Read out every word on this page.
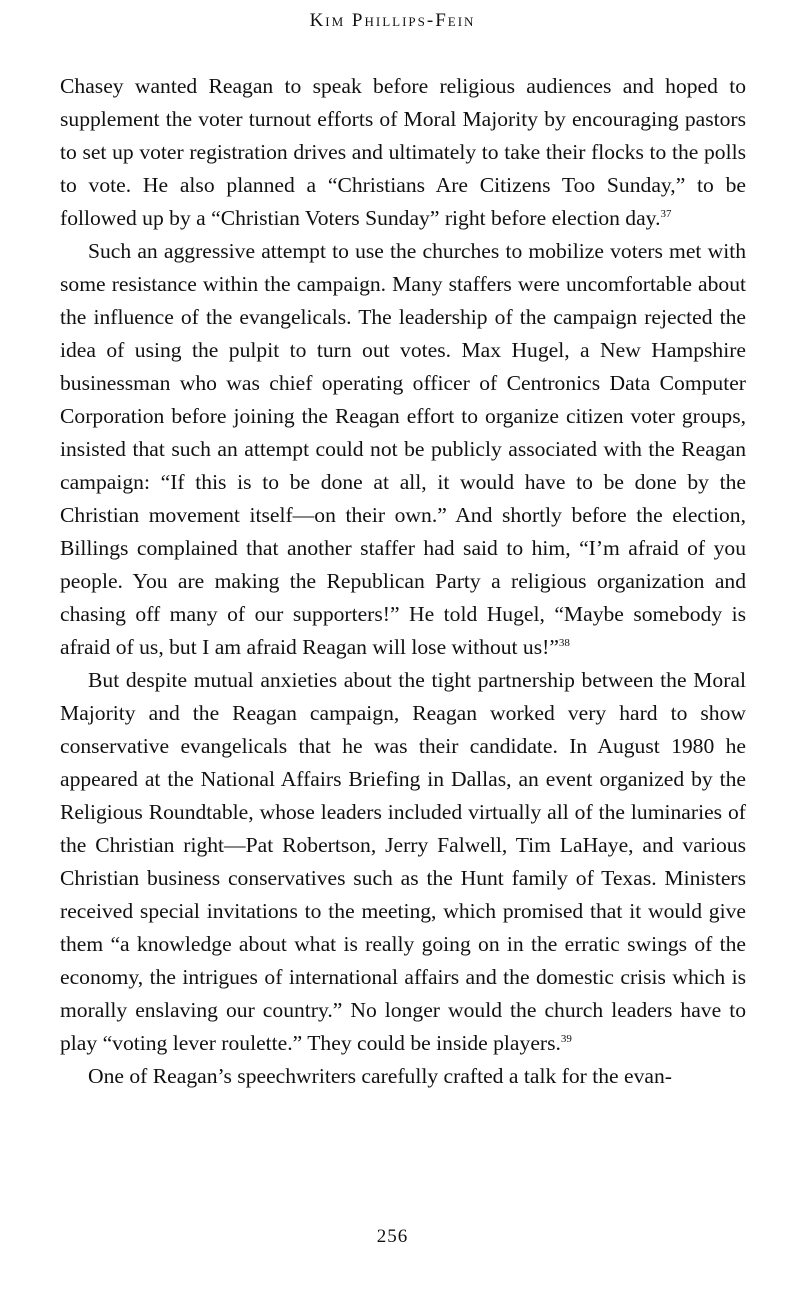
Kim Phillips-Fein

Chasey wanted Reagan to speak before religious audiences and hoped to supplement the voter turnout efforts of Moral Majority by encouraging pastors to set up voter registration drives and ultimately to take their flocks to the polls to vote. He also planned a “Christians Are Citizens Too Sunday,” to be followed up by a “Christian Voters Sunday” right before election day.$^{37}$

Such an aggressive attempt to use the churches to mobilize voters met with some resistance within the campaign. Many staffers were uncomfortable about the influence of the evangelicals. The leadership of the campaign rejected the idea of using the pulpit to turn out votes. Max Hugel, a New Hampshire businessman who was chief operating officer of Centronics Data Computer Corporation before joining the Reagan effort to organize citizen voter groups, insisted that such an attempt could not be publicly associated with the Reagan campaign: “If this is to be done at all, it would have to be done by the Christian movement itself—on their own.” And shortly before the election, Billings complained that another staffer had said to him, “I’m afraid of you people. You are making the Republican Party a religious organization and chasing off many of our supporters!” He told Hugel, “Maybe somebody is afraid of us, but I am afraid Reagan will lose without us!”$^{38}$

But despite mutual anxieties about the tight partnership between the Moral Majority and the Reagan campaign, Reagan worked very hard to show conservative evangelicals that he was their candidate. In August 1980 he appeared at the National Affairs Briefing in Dallas, an event organized by the Religious Roundtable, whose leaders included virtually all of the luminaries of the Christian right—Pat Robertson, Jerry Falwell, Tim LaHaye, and various Christian business conservatives such as the Hunt family of Texas. Ministers received special invitations to the meeting, which promised that it would give them “a knowledge about what is really going on in the erratic swings of the economy, the intrigues of international affairs and the domestic crisis which is morally enslaving our country.” No longer would the church leaders have to play “voting lever roulette.” They could be inside players.$^{39}$

One of Reagan’s speechwriters carefully crafted a talk for the evan-

256
